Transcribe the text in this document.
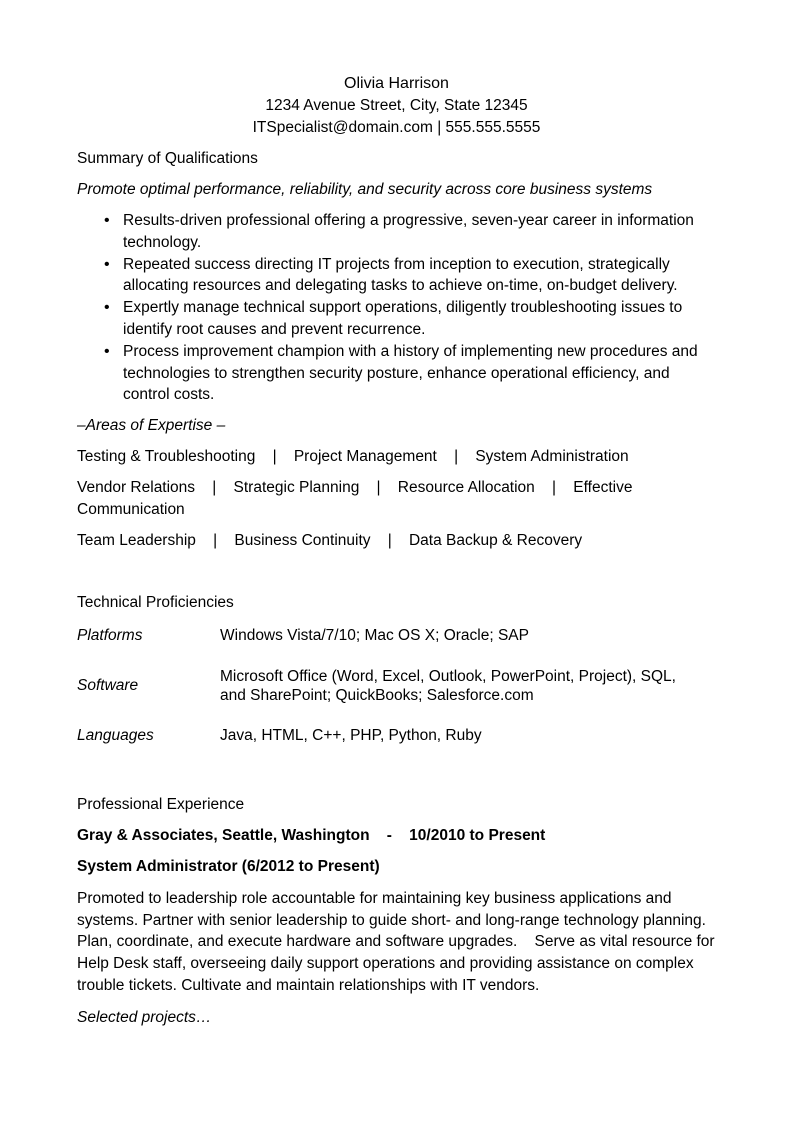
Olivia Harrison
1234 Avenue Street, City, State 12345
ITSpecialist@domain.com | 555.555.5555
Summary of Qualifications
Promote optimal performance, reliability, and security across core business systems
• Results-driven professional offering a progressive, seven-year career in information technology.
• Repeated success directing IT projects from inception to execution, strategically allocating resources and delegating tasks to achieve on-time, on-budget delivery.
• Expertly manage technical support operations, diligently troubleshooting issues to identify root causes and prevent recurrence.
• Process improvement champion with a history of implementing new procedures and technologies to strengthen security posture, enhance operational efficiency, and control costs.
–Areas of Expertise –
Testing & Troubleshooting    |    Project Management    |    System Administration
Vendor Relations    |    Strategic Planning    |    Resource Allocation    |    Effective Communication
Team Leadership    |    Business Continuity    |    Data Backup & Recovery
Technical Proficiencies
Platforms	Windows Vista/7/10; Mac OS X; Oracle; SAP
Software
Microsoft Office (Word, Excel, Outlook, PowerPoint, Project), SQL, and SharePoint; QuickBooks; Salesforce.com
Languages	Java, HTML, C++, PHP, Python, Ruby
Professional Experience
Gray & Associates, Seattle, Washington    -    10/2010 to Present
System Administrator (6/2012 to Present)
Promoted to leadership role accountable for maintaining key business applications and systems. Partner with senior leadership to guide short- and long-range technology planning. Plan, coordinate, and execute hardware and software upgrades.    Serve as vital resource for Help Desk staff, overseeing daily support operations and providing assistance on complex trouble tickets. Cultivate and maintain relationships with IT vendors.
Selected projects…
